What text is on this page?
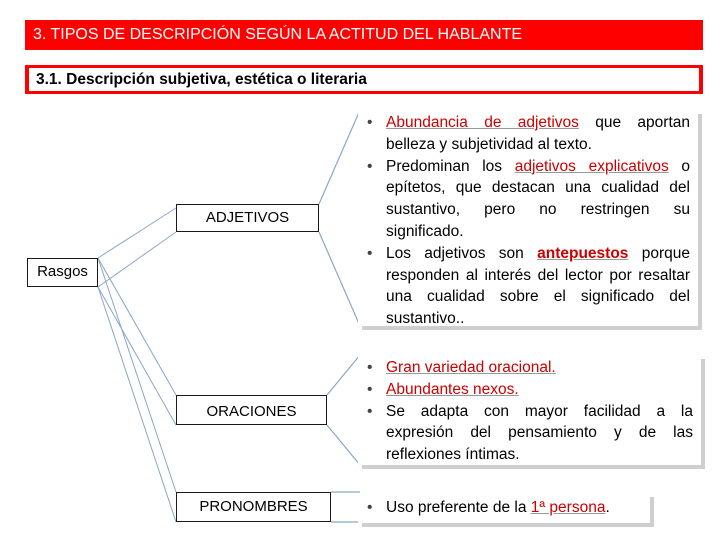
3. TIPOS DE DESCRIPCIÓN SEGÚN LA ACTITUD DEL HABLANTE
3.1. Descripción subjetiva, estética o literaria
Rasgos
ADJETIVOS
ORACIONES
PRONOMBRES
• Abundancia de adjetivos que aportan belleza y subjetividad al texto.
• Predominan los adjetivos explicativos o epítetos, que destacan una cualidad del sustantivo, pero no restringen su significado.
• Los adjetivos son antepuestos porque responden al interés del lector por resaltar una cualidad sobre el significado del sustantivo..
• Gran variedad oracional.
• Abundantes nexos.
• Se adapta con mayor facilidad a la expresión del pensamiento y de las reflexiones íntimas.
• Uso preferente de la 1ª persona.
